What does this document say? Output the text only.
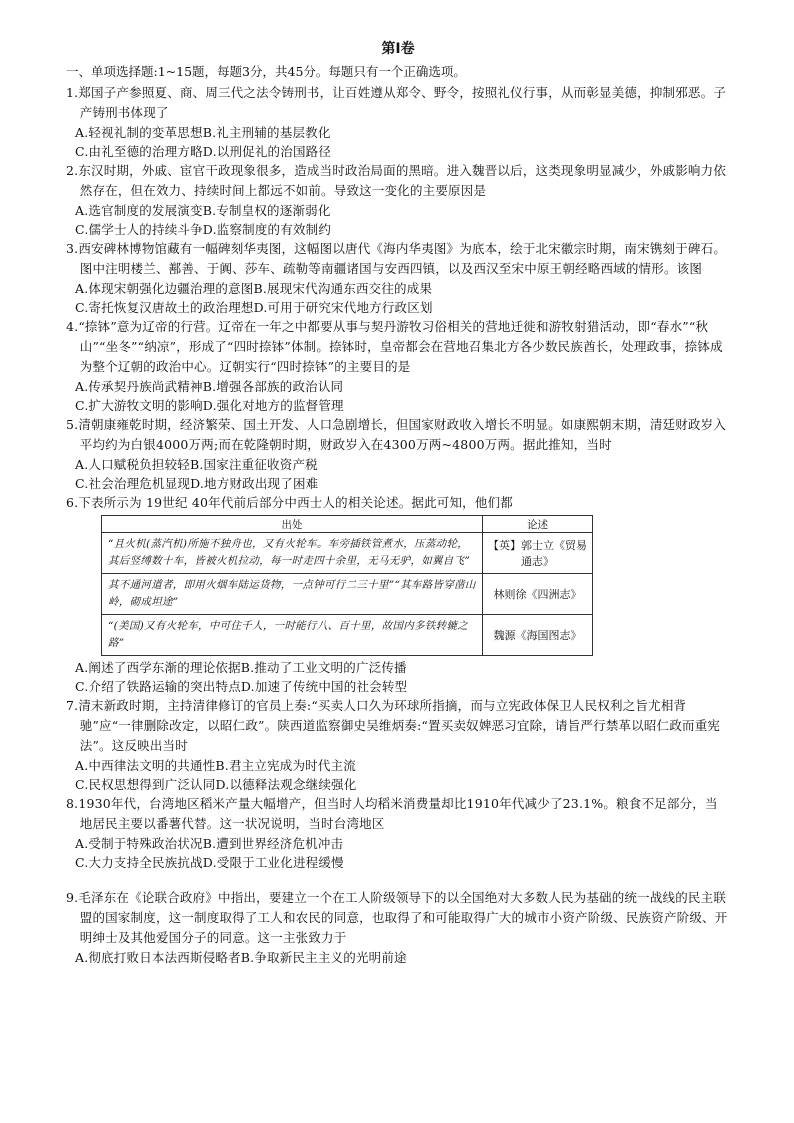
第Ⅰ卷
一、单项选择题:1~15题，每题3分，共45分。每题只有一个正确选项。

1.郑国子产参照夏、商、周三代之法令铸刑书，让百姓遵从郑令、野令，按照礼仪行事，从而彰显美德，抑制邪恶。子产铸刑书体现了

A.轻视礼制的变革思想B.礼主刑辅的基层教化

C.由礼至德的治理方略D.以刑促礼的治国路径

2.东汉时期，外戚、宦官干政现象很多，造成当时政治局面的黑暗。进入魏晋以后，这类现象明显减少，外戚影响力依然存在，但在效力、持续时间上都远不如前。导致这一变化的主要原因是

A.选官制度的发展演变B.专制皇权的逐渐弱化

C.儒学士人的持续斗争D.监察制度的有效制约

3.西安碑林博物馆藏有一幅碑刻华夷图，这幅图以唐代《海内华夷图》为底本，绘于北宋徽宗时期，南宋镌刻于碑石。图中注明楼兰、鄯善、于阗、莎车、疏勒等南疆诸国与安西四镇，以及西汉至宋中原王朝经略西域的情形。该图

A.体现宋朝强化边疆治理的意图B.展现宋代沟通东西交往的成果

C.寄托恢复汉唐故土的政治理想D.可用于研究宋代地方行政区划

4.“捺钵”意为辽帝的行营。辽帝在一年之中都要从事与契丹游牧习俗相关的营地迁徙和游牧射猎活动，即“春水”“秋山”“坐冬”“纳凉”，形成了“四时捺钵”体制。捺钵时，皇帝都会在营地召集北方各少数民族酋长，处理政事，捺钵成为整个辽朝的政治中心。辽朝实行“四时捺钵”的主要目的是

A.传承契丹族尚武精神B.增强各部族的政治认同

C.扩大游牧文明的影响D.强化对地方的监督管理

5.清朝康雍乾时期，经济繁荣、国土开发、人口急剧增长，但国家财政收入增长不明显。如康熙朝末期，清廷财政岁入平均约为白银4000万两;而在乾隆朝时期，财政岁入在4300万两~4800万两。据此推知，当时

A.人口赋税负担较轻B.国家注重征收资产税

C.社会治理危机显现D.地方财政出现了困难

6.下表所示为 19世纪 40年代前后部分中西士人的相关论述。据此可知，他们都

出处	论述
“且火机(蒸汽机)所施不独舟也，又有火轮车。车旁插铁管煮水，压蒸动轮，其后竖缚数十车，皆被火机拉动，每一时走四十余里，无马无驴，如翼自飞”	【英】郭士立《贸易通志》
其不通河道者，即用火烟车陆运货物，一点钟可行二三十里”“其车路皆穿凿山岭，砌成坦途”	林则徐《四洲志》
“(美国)又有火轮车，中可住千人，一时能行八、百十里，故国内多铁转辘之路”	魏源《海国图志》

A.阐述了西学东渐的理论依据B.推动了工业文明的广泛传播

C.介绍了铁路运输的突出特点D.加速了传统中国的社会转型

7.清末新政时期，主持清律修订的官员上奏:“买卖人口久为环球所指摘，而与立宪政体保卫人民权利之旨尤相背驰”应“一律删除改定，以昭仁政”。陕西道监察御史吴维炳奏:“置买卖奴婢恶习宜除，请旨严行禁革以昭仁政而重宪法”。这反映出当时

A.中西律法文明的共通性B.君主立宪成为时代主流

C.民权思想得到广泛认同D.以德释法观念继续强化

8.1930年代，台湾地区稻米产量大幅增产，但当时人均稻米消费量却比1910年代减少了23.1%。粮食不足部分，当地居民主要以番薯代替。这一状况说明，当时台湾地区

A.受制于特殊政治状况B.遭到世界经济危机冲击

C.大力支持全民族抗战D.受限于工业化进程缓慢

9.毛泽东在《论联合政府》中指出，要建立一个在工人阶级领导下的以全国绝对大多数人民为基础的统一战线的民主联盟的国家制度，这一制度取得了工人和农民的同意，也取得了和可能取得广大的城市小资产阶级、民族资产阶级、开明绅士及其他爱国分子的同意。这一主张致力于

A.彻底打败日本法西斯侵略者B.争取新民主主义的光明前途
